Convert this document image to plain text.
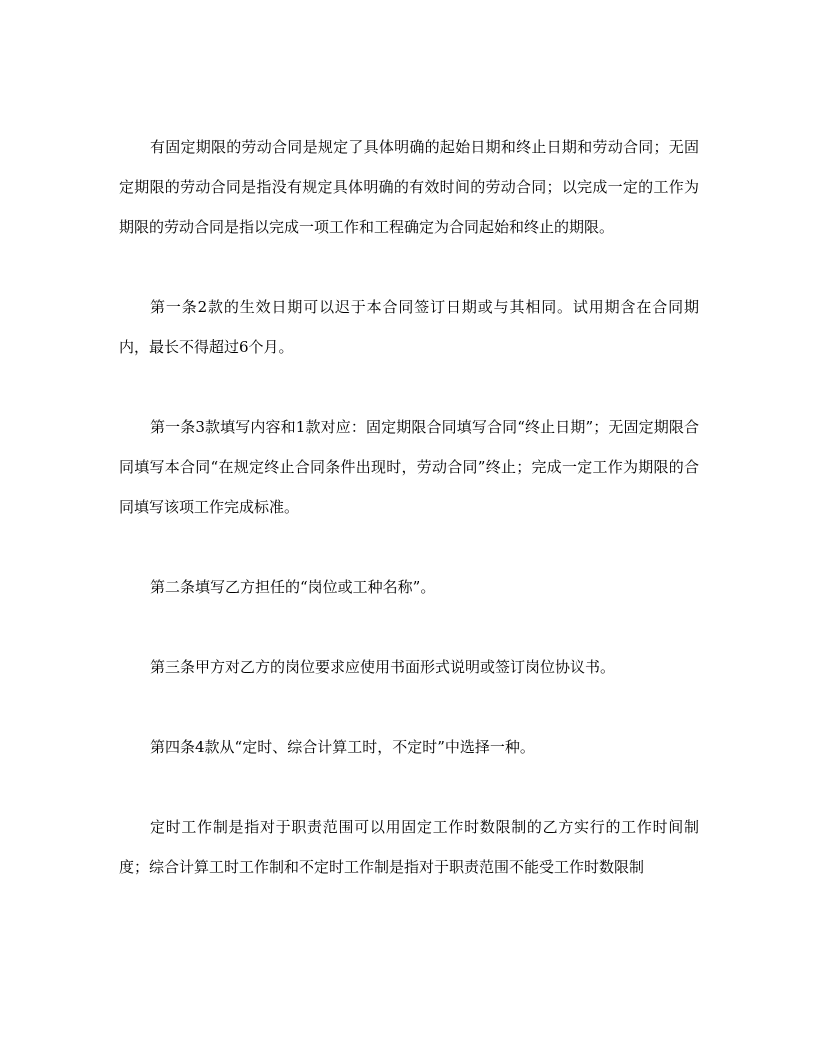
有固定期限的劳动合同是规定了具体明确的起始日期和终止日期和劳动合同；无固定期限的劳动合同是指没有规定具体明确的有效时间的劳动合同；以完成一定的工作为期限的劳动合同是指以完成一项工作和工程确定为合同起始和终止的期限。

第一条2款的生效日期可以迟于本合同签订日期或与其相同。试用期含在合同期内，最长不得超过6个月。

第一条3款填写内容和1款对应：固定期限合同填写合同“终止日期”；无固定期限合同填写本合同“在规定终止合同条件出现时，劳动合同”终止；完成一定工作为期限的合同填写该项工作完成标准。

第二条填写乙方担任的“岗位或工种名称”。

第三条甲方对乙方的岗位要求应使用书面形式说明或签订岗位协议书。

第四条4款从“定时、综合计算工时，不定时”中选择一种。

定时工作制是指对于职责范围可以用固定工作时数限制的乙方实行的工作时间制度；综合计算工时工作制和不定时工作制是指对于职责范围不能受工作时数限制
